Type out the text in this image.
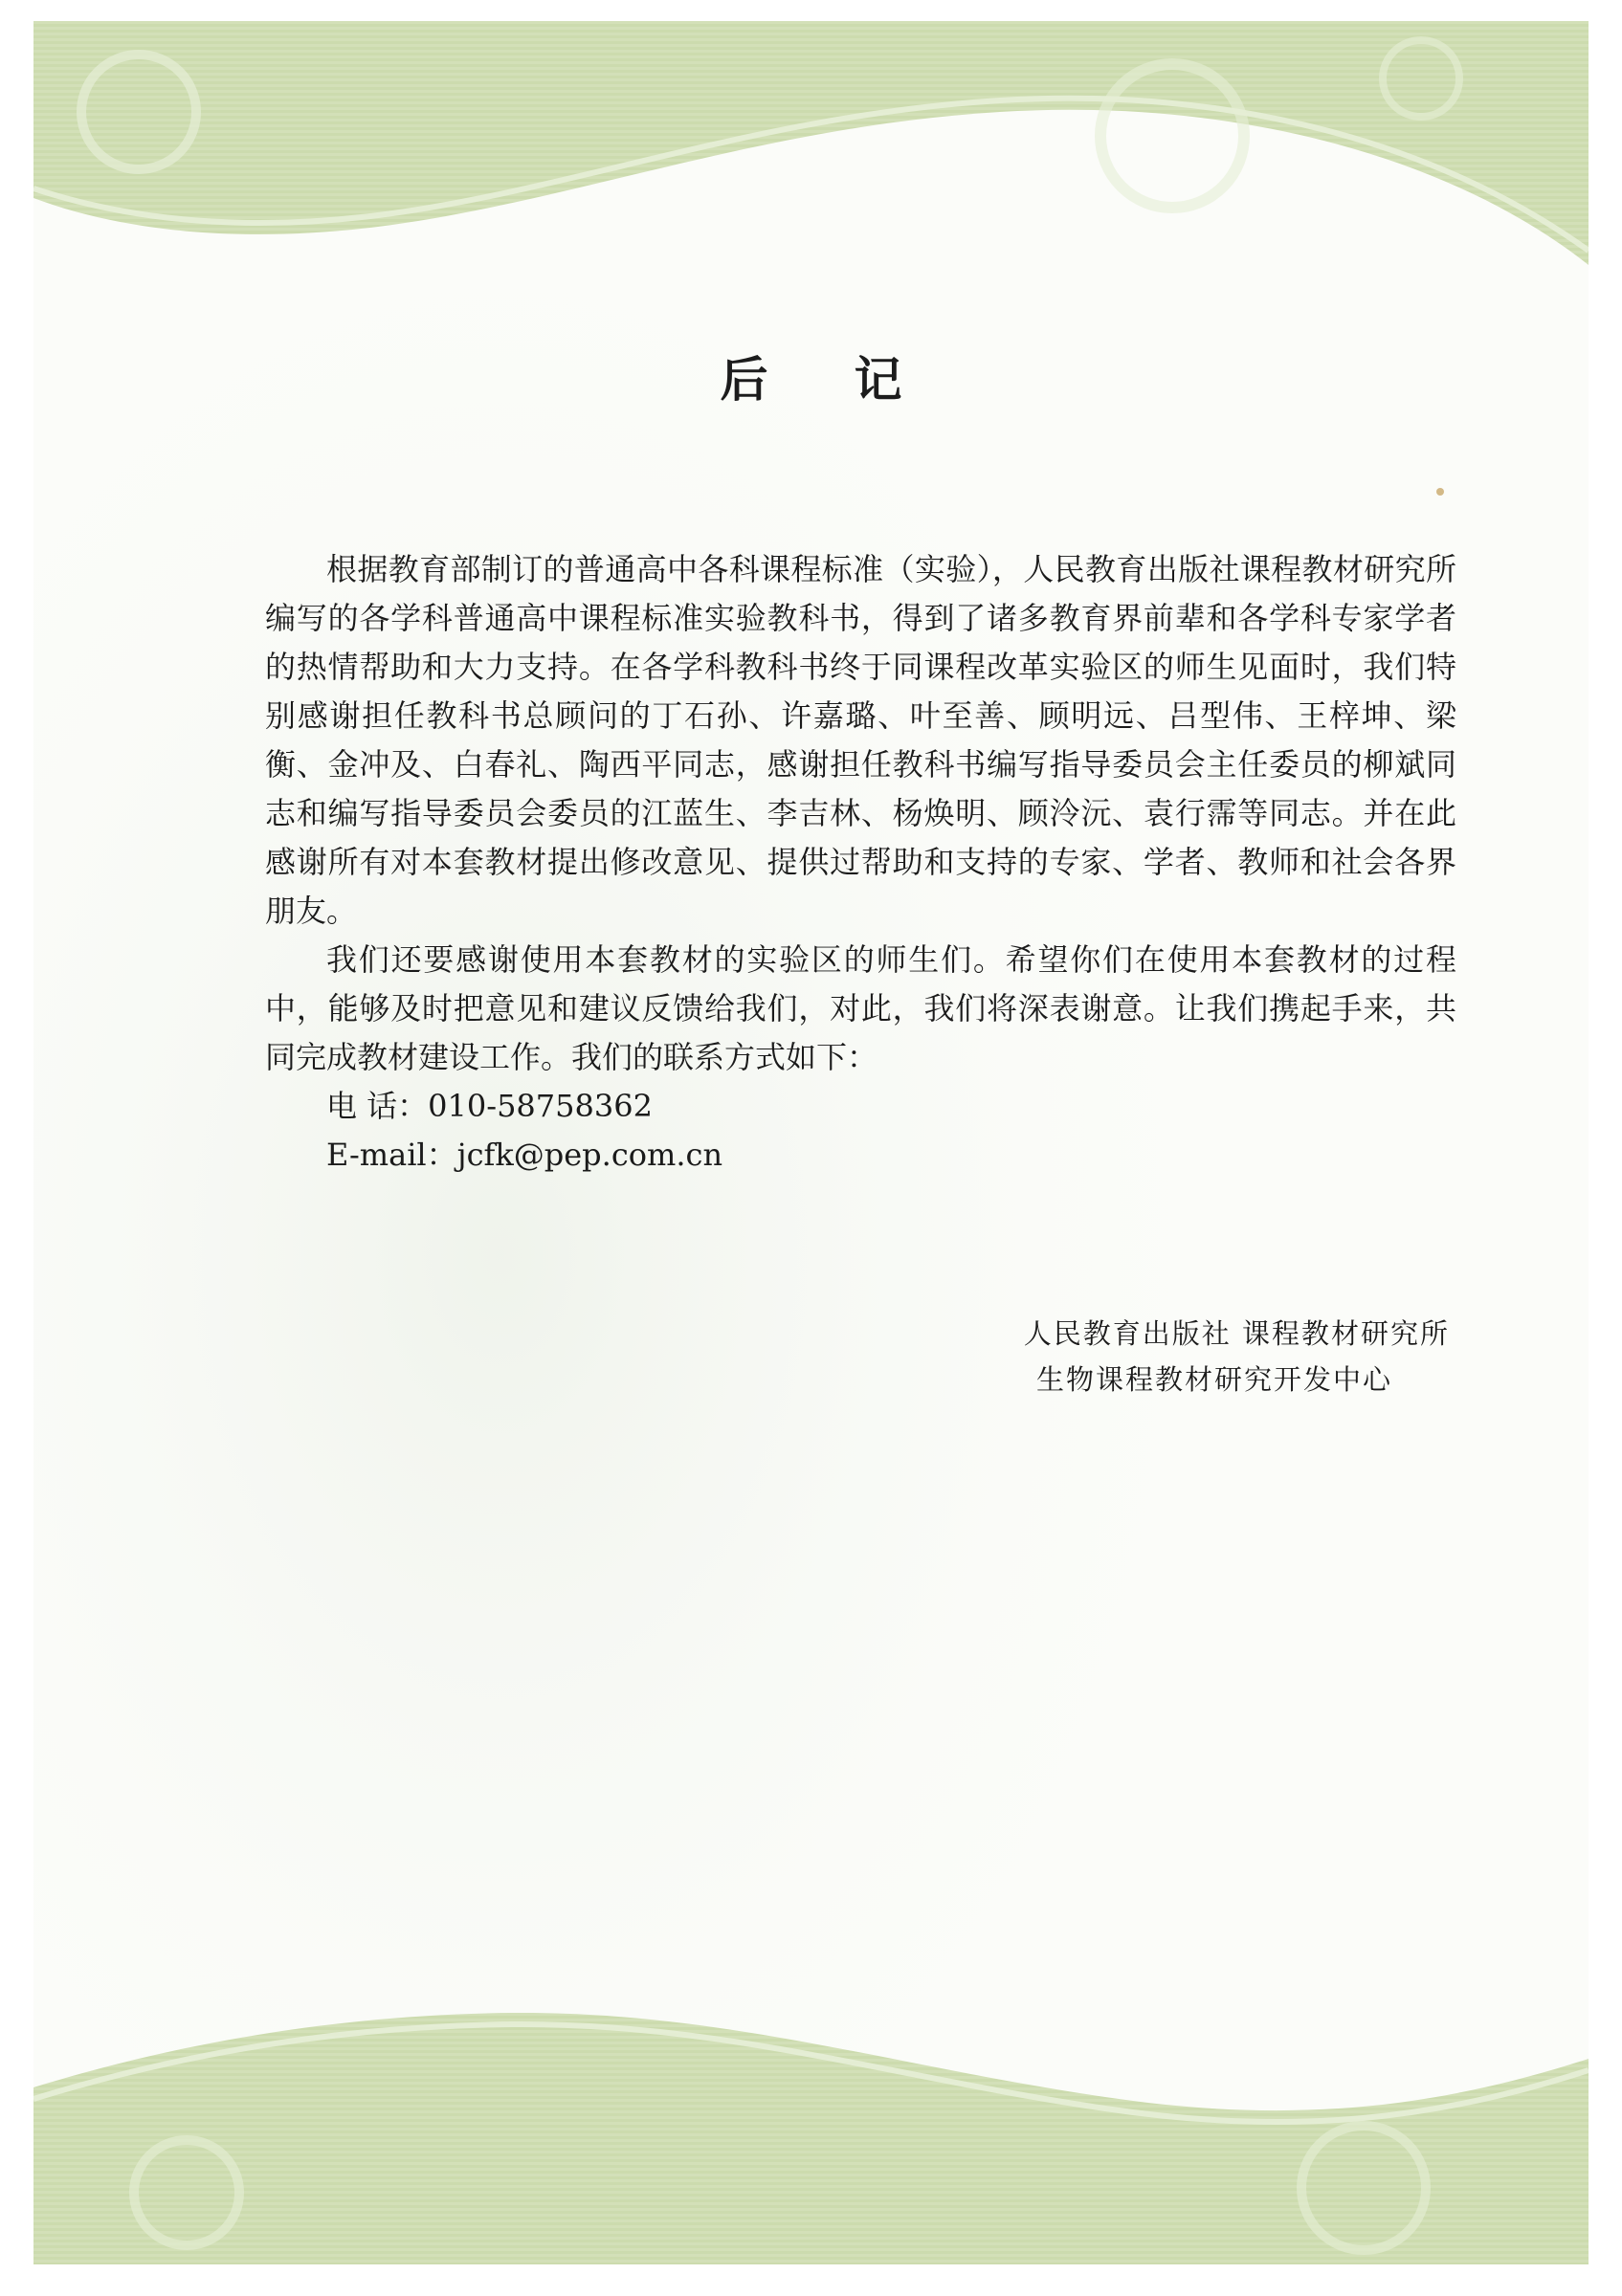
后 记

根据教育部制订的普通高中各科课程标准（实验），人民教育出版社课程教材研究所编写的各学科普通高中课程标准实验教科书，得到了诸多教育界前辈和各学科专家学者的热情帮助和大力支持。在各学科教科书终于同课程改革实验区的师生见面时，我们特别感谢担任教科书总顾问的丁石孙、许嘉璐、叶至善、顾明远、吕型伟、王梓坤、梁衡、金冲及、白春礼、陶西平同志，感谢担任教科书编写指导委员会主任委员的柳斌同志和编写指导委员会委员的江蓝生、李吉林、杨焕明、顾泠沅、袁行霈等同志。并在此感谢所有对本套教材提出修改意见、提供过帮助和支持的专家、学者、教师和社会各界朋友。

我们还要感谢使用本套教材的实验区的师生们。希望你们在使用本套教材的过程中，能够及时把意见和建议反馈给我们，对此，我们将深表谢意。让我们携起手来，共同完成教材建设工作。我们的联系方式如下：

电 话：010-58758362
E-mail：jcfk@pep.com.cn
人民教育出版社 课程教材研究所
生物课程教材研究开发中心
